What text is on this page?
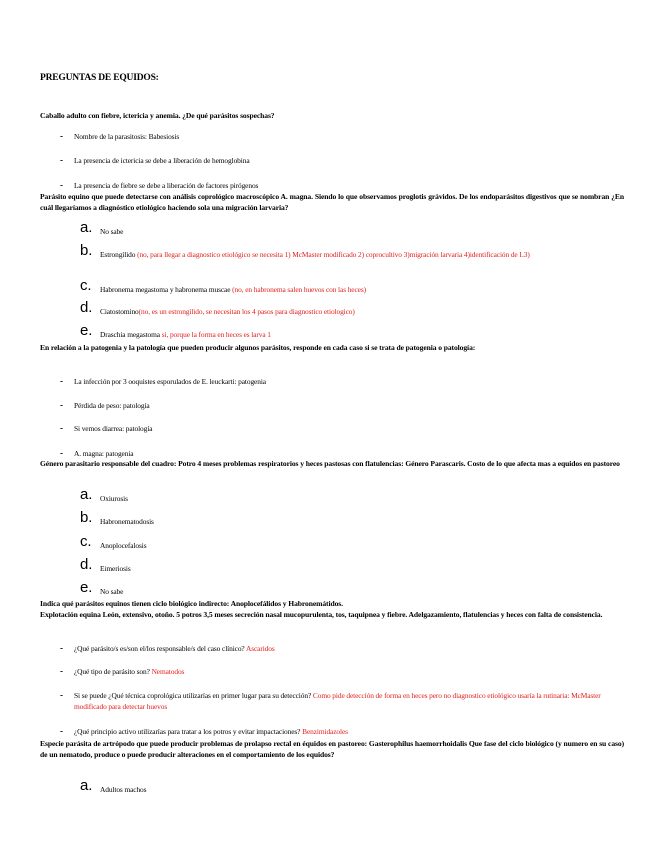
PREGUNTAS DE EQUIDOS:
Caballo adulto con fiebre, ictericia y anemia. ¿De qué parásitos sospechas?
-	Nombre de la parasitosis: Babesiosis
-	La presencia de ictericia se debe a liberación de hemoglobina
-	La presencia de fiebre se debe a liberación de factores pirógenos
Parásito equino que puede detectarse con análisis coprológico macroscópico A. magna. Siendo lo que observamos proglotis grávidos. De los endoparásitos digestivos que se nombran ¿En cuál llegaríamos a diagnóstico etiológico haciendo sola una migración larvaria?
a.	No sabe
b.	Estrongílido (no, para llegar a diagnostico etiológico se necesita 1) McMaster modificado 2) coprocultivo 3)migración larvaria 4)identificación de L3)
c.	Habronema megastoma y habronema muscae (no, en habronema salen huevos con las heces)
d.	Ciatostomino(no, es un estrongílido, se necesitan los 4 pasos para diagnostico etiologico)
e.	Draschia megastoma si, porque la forma en heces es larva 1
En relación a la patogenia y la patología que pueden producir algunos parásitos, responde en cada caso si se trata de patogenia o patología:
-	La infección por 3 ooquistes esporulados de E. leuckarti: patogenia
-	Pérdida de peso: patología
-	Si vemos diarrea: patología
-	A. magna: patogenia
Género parasitario responsable del cuadro: Potro 4 meses problemas respiratorios y heces pastosas con flatulencias: Género Parascaris. Costo de lo que afecta mas a equidos en pastoreo
a.	Oxiurosis
b.	Habronematodosis
c.	Anoplocefalosis
d.	Eimeriosis
e.	No sabe
Indica qué parásitos equinos tienen ciclo biológico indirecto: Anoplocefálidos y Habronemátidos.
Explotación equina León, extensivo, otoño. 5 potros 3,5 meses secreción nasal mucopurulenta, tos, taquipnea y fiebre. Adelgazamiento, flatulencias y heces con falta de consistencia.
-	¿Qué parásito/s es/son el/los responsable/s del caso clínico? Ascaridos
-	¿Qué tipo de parásito son? Nematodos
-	Si se puede ¿Qué técnica coprológica utilizarías en primer lugar para su detección? Como pide detección de forma en heces pero no diagnostico etiológico usaría la rutinaria: McMaster modificado para detectar huevos
-	¿Qué principio activo utilizarías para tratar a los potros y evitar impactaciones? Benzimidazoles
Especie parásita de artrópodo que puede producir problemas de prolapso rectal en équidos en pastoreo: Gasterophilus haemorrhoidalis Que fase del ciclo biológico (y numero en su caso) de un nematodo, produce o puede producir alteraciones en el comportamiento de los equidos?
a.	Adultos machos
